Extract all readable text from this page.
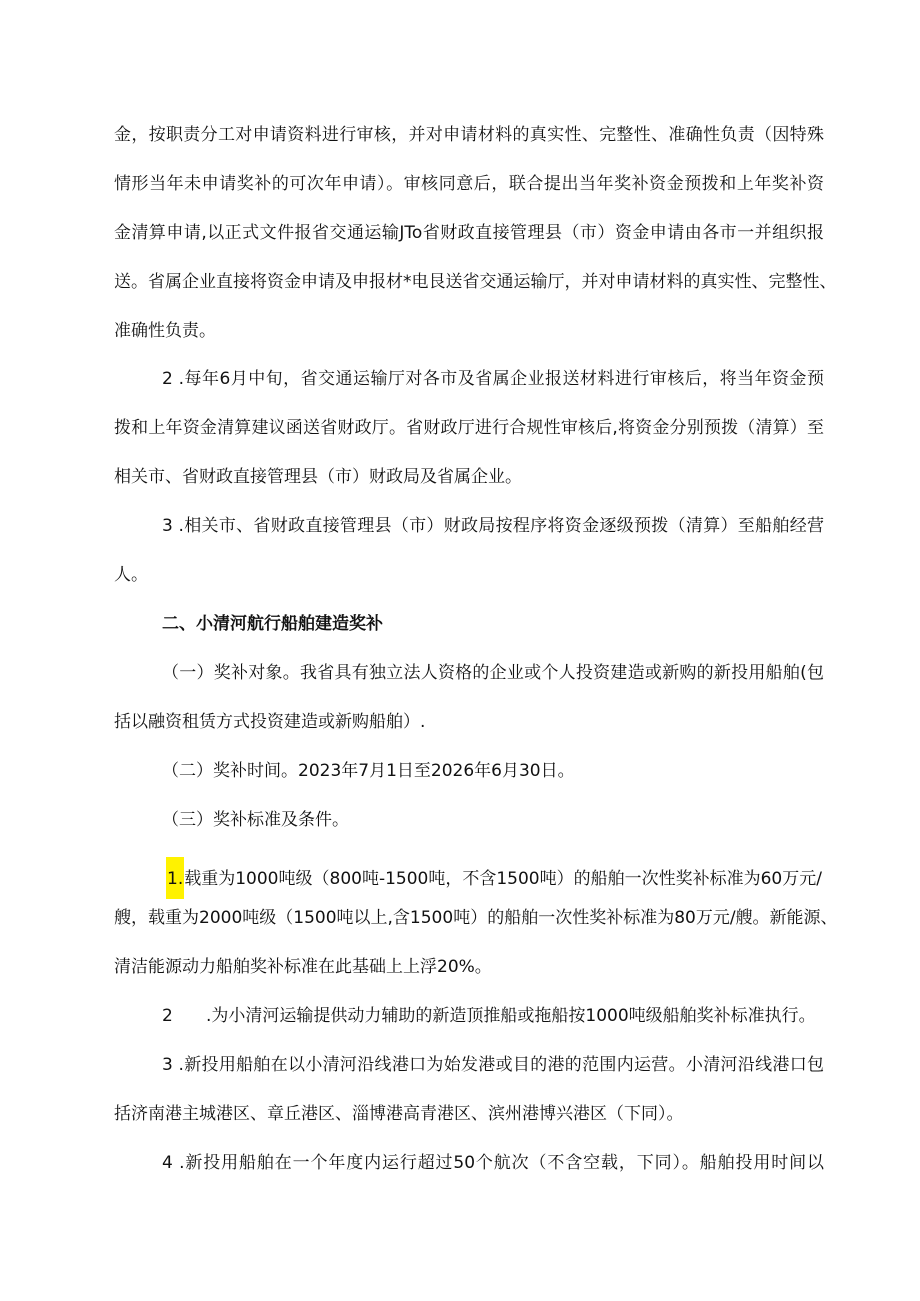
金，按职责分工对申请资料进行审核，并对申请材料的真实性、完整性、准确性负责（因特殊
情形当年未申请奖补的可次年申请）。审核同意后，联合提出当年奖补资金预拨和上年奖补资
金清算申请,以正式文件报省交通运输JTo省财政直接管理县（市）资金申请由各市一并组织报
送。省属企业直接将资金申请及申报材*电艮送省交通运输厅，并对申请材料的真实性、完整性、
准确性负责。
2 .每年6月中旬，省交通运输厅对各市及省属企业报送材料进行审核后，将当年资金预
拨和上年资金清算建议函送省财政厅。省财政厅进行合规性审核后,将资金分别预拨（清算）至
相关市、省财政直接管理县（市）财政局及省属企业。
3 .相关市、省财政直接管理县（市）财政局按程序将资金逐级预拨（清算）至船舶经营
人。
二、小清河航行船舶建造奖补
（一）奖补对象。我省具有独立法人资格的企业或个人投资建造或新购的新投用船舶(包
括以融资租赁方式投资建造或新购船舶）.
（二）奖补时间。2023年7月1日至2026年6月30日。
（三）奖补标准及条件。
1.载重为1000吨级（800吨-1500吨，不含1500吨）的船舶一次性奖补标准为60万元/
艘，载重为2000吨级（1500吨以上,含1500吨）的船舶一次性奖补标准为80万元/艘。新能源、
清洁能源动力船舶奖补标准在此基础上上浮20%。
2 .为小清河运输提供动力辅助的新造顶推船或拖船按1000吨级船舶奖补标准执行。
3 .新投用船舶在以小清河沿线港口为始发港或目的港的范围内运营。小清河沿线港口包
括济南港主城港区、章丘港区、淄博港高青港区、滨州港博兴港区（下同）。
4 .新投用船舶在一个年度内运行超过50个航次（不含空载，下同）。船舶投用时间以
